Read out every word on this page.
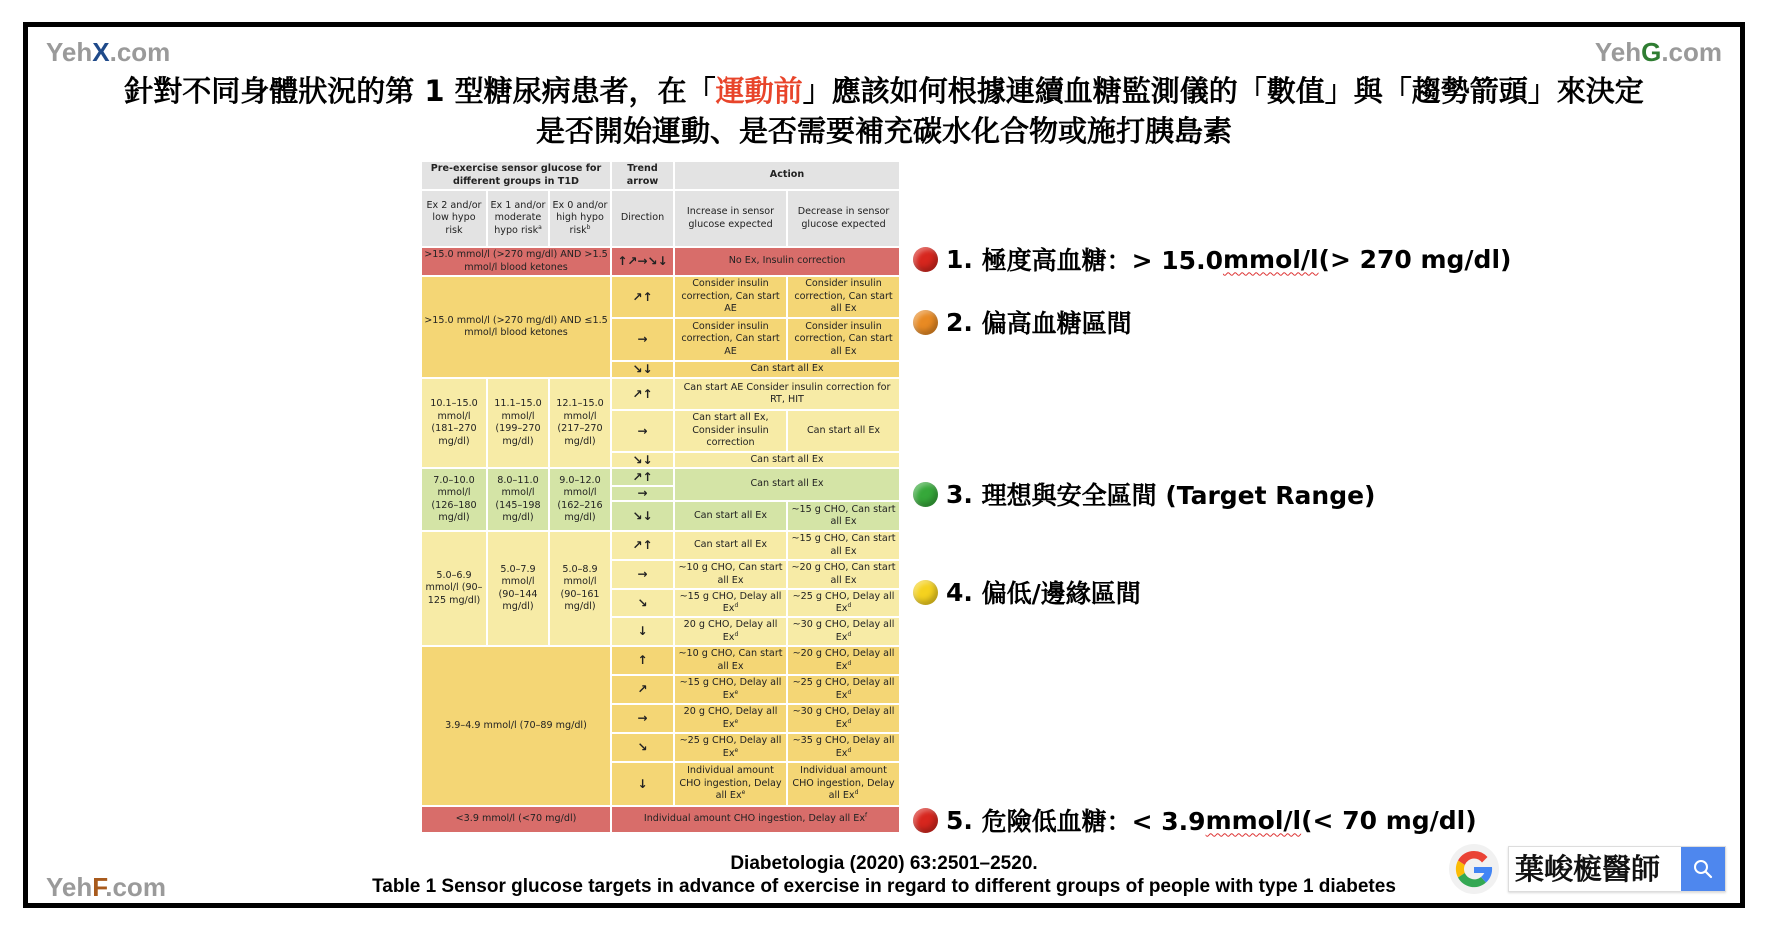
YehX.com	YehG.com
針對不同身體狀況的第 1 型糖尿病患者，在「運動前」應該如何根據連續血糖監測儀的「數值」與「趨勢箭頭」來決定
是否開始運動、是否需要補充碳水化合物或施打胰島素
Pre-exercise sensor glucose for different groups in T1D			Trend arrow	Action	
Ex 2 and/or low hypo risk	Ex 1 and/or moderate hypo risk$^a$	Ex 0 and/or high hypo risk$^b$	Direction	Increase in sensor glucose expected	Decrease in sensor glucose expected
>15.0 mmol/l (>270 mg/dl) AND >1.5 mmol/l blood ketones			↑↗→↘↓	No Ex, Insulin correction	
>15.0 mmol/l (>270 mg/dl) AND ≤1.5 mmol/l blood ketones			↗↑	Consider insulin correction, Can start AE	Consider insulin correction, Can start all Ex
			→	Consider insulin correction, Can start AE	Consider insulin correction, Can start all Ex
			↘↓	Can start all Ex	
10.1–15.0 mmol/l (181–270 mg/dl)	11.1–15.0 mmol/l (199–270 mg/dl)	12.1–15.0 mmol/l (217–270 mg/dl)	↗↑	Can start AE Consider insulin correction for RT, HIT	
			→	Can start all Ex, Consider insulin correction	Can start all Ex
			↘↓	Can start all Ex	
7.0–10.0 mmol/l (126–180 mg/dl)	8.0–11.0 mmol/l (145–198 mg/dl)	9.0–12.0 mmol/l (162–216 mg/dl)	↗↑	Can start all Ex	
			→		
			↘↓	Can start all Ex	~15 g CHO, Can start all Ex
5.0–6.9 mmol/l (90–125 mg/dl)	5.0–7.9 mmol/l (90–144 mg/dl)	5.0–8.9 mmol/l (90–161 mg/dl)	↗↑	Can start all Ex	~15 g CHO, Can start all Ex
			→	~10 g CHO, Can start all Ex	~20 g CHO, Can start all Ex
			↘	~15 g CHO, Delay all Ex$^d$	~25 g CHO, Delay all Ex$^d$
			↓	20 g CHO, Delay all Ex$^d$	~30 g CHO, Delay all Ex$^d$
3.9–4.9 mmol/l (70–89 mg/dl)			↑	~10 g CHO, Can start all Ex	~20 g CHO, Delay all Ex$^d$
			↗	~15 g CHO, Delay all Ex$^e$	~25 g CHO, Delay all Ex$^d$
			→	20 g CHO, Delay all Ex$^e$	~30 g CHO, Delay all Ex$^d$
			↘	~25 g CHO, Delay all Ex$^e$	~35 g CHO, Delay all Ex$^d$
			↓	Individual amount CHO ingestion, Delay all Ex$^e$	Individual amount CHO ingestion, Delay all $Ex^d$
<3.9 mmol/l (<70 mg/dl)			Individual amount CHO ingestion, Delay all Ex$^f$
1.
極度高血糖：> 15.0 mmol/l (> 270 mg/dl)
2.
偏高血糖區間
3.
理想與安全區間 (Target Range)
4.
偏低/邊緣區間
5.
危險低血糖：< 3.9 mmol/l (< 70 mg/dl)
Diabetologia (2020) 63:2501–2520.
Table 1 Sensor glucose targets in advance of exercise in regard to different groups of people with type 1 diabetes
YehF.com
葉峻榳醫師
